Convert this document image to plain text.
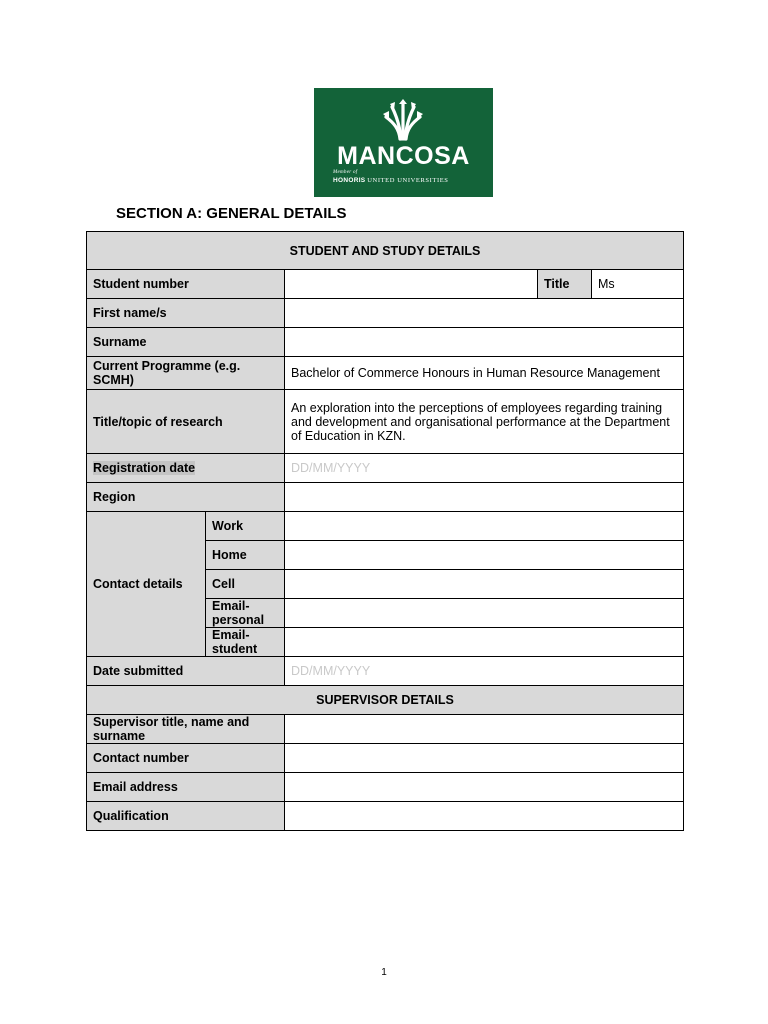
MANCOSA
Member of
HONORIS UNITED UNIVERSITIES
SECTION A: GENERAL DETAILS
STUDENT AND STUDY DETAILS				
Student number			Title	Ms
First name/s				
Surname				
Current Programme (e.g. SCMH)		Bachelor of Commerce Honours in Human Resource Management		
Title/topic of research		An exploration into the perceptions of employees regarding training and development and organisational performance at the Department of Education in KZN.		
Registration date		DD/MM/YYYY		
Region				
Contact details	Work			
	Home			
	Cell			
	Email-personal			
	Email-student			
Date submitted		DD/MM/YYYY		
SUPERVISOR DETAILS				
Supervisor title, name and surname				
Contact number				
Email address				
Qualification				
1
